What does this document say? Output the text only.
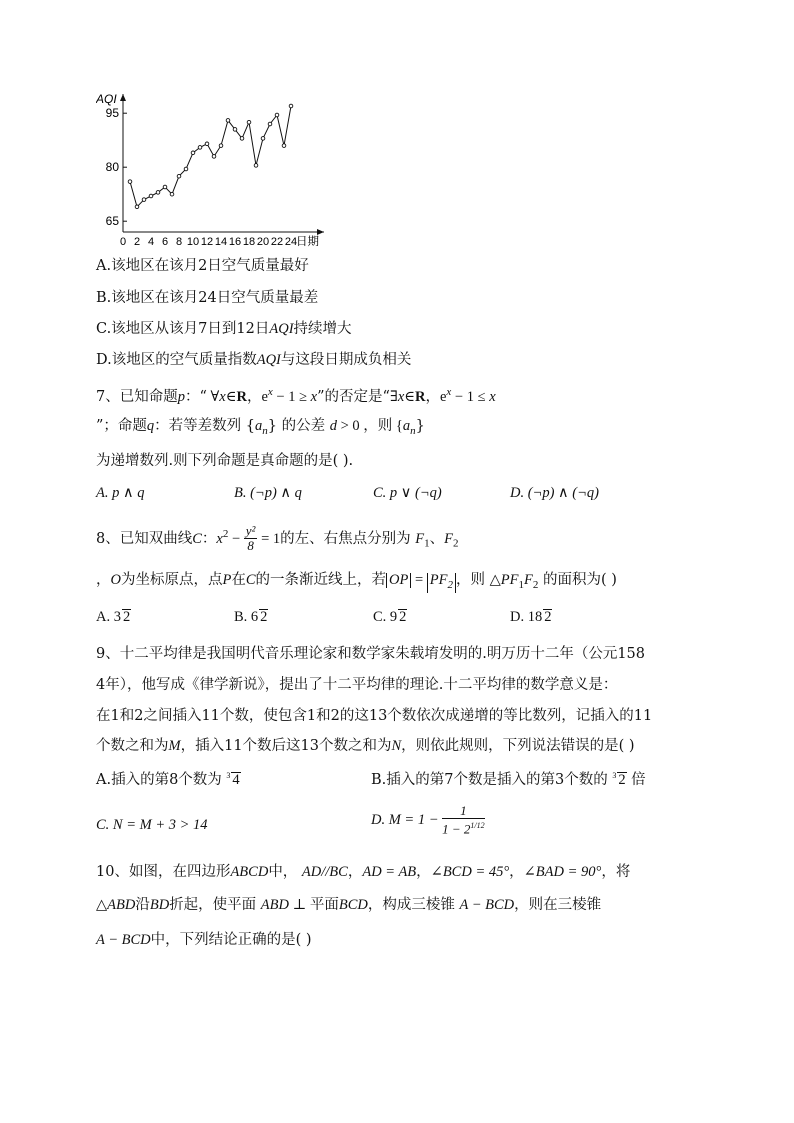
AQI
65
80
95
0 2 4 6 8 10 12 14 16 18 20 22 24
日期
A.该地区在该月2日空气质量最好
B.该地区在该月24日空气质量最差
C.该地区从该月7日到12日AQI持续增大
D.该地区的空气质量指数AQI与这段日期成负相关
7、已知命题p：“ ∀x∈R，$e^x - 1 \ge x$”的否定是“∃x∈R，$e^x - 1 \le x$
”；命题q：若等差数列 $\{a_n\}$ 的公差 d > 0 ，则 $\{a_n\}$
为递增数列.则下列命题是真命题的是( ).
A. p ∧ q	B. (¬p) ∧ q	C. p ∨ (¬q)	D. (¬p) ∧ (¬q)
8、已知双曲线C：$x^2 - \frac{\text{y²}}{8} = 1$的左、右焦点分别为 $F_1$、$F_2$
，O为坐标原点，点P在C的一条渐近线上，若 OP = $PF_2$ ，则 $\triangle PF_1F_2$ 的面积为( )
A. 3 2	B. 6 2	C. 9 2	D. 18 2
9、十二平均律是我国明代音乐理论家和数学家朱载堉发明的.明万历十二年（公元158
4年），他写成《律学新说》，提出了十二平均律的理论.十二平均律的数学意义是：
在1和2之间插入11个数，使包含1和2的这13个数依次成递增的等比数列，记插入的11
个数之和为M，插入11个数后这13个数之和为N，则依此规则，下列说法错误的是( )
A.插入的第8个数为 $^3$ 4	B.插入的第7个数是插入的第3个数的 $^3$ 2 倍
C. N = M + 3 > 14	D. $M = 1 - \frac{1}{1 - 2^{1/12}}$
10、如图，在四边形ABCD中， AD//BC，AD = AB，∠BCD = 45°，∠BAD = 90°，将
△ABD沿BD折起，使平面 ABD ⊥ 平面BCD，构成三棱锥 A − BCD，则在三棱锥
A − BCD中，下列结论正确的是( )
